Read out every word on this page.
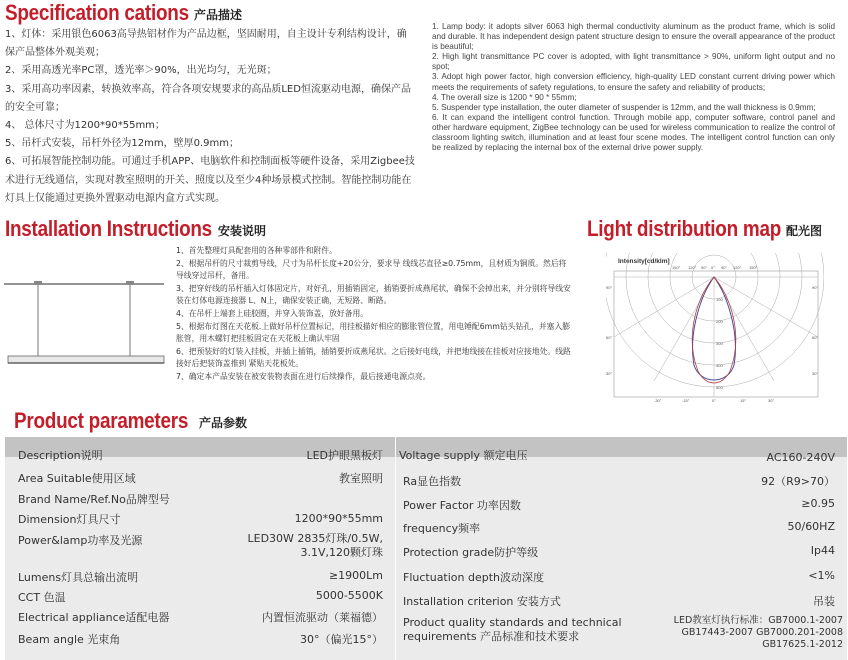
Specification cations 产品描述
1、灯体：采用银色6063高导热铝材作为产品边框，坚固耐用，自主设计专利结构设计，确保产品整体外观美观；
2、采用高透光率PC罩，透光率＞90%，出光均匀，无光斑；
3、采用高功率因素，转换效率高，符合各项安规要求的高品质LED恒流驱动电源，确保产品的安全可靠；
4、 总体尺寸为1200*90*55mm；
5、吊杆式安装，吊杆外径为12mm，壁厚0.9mm；
6、可拓展智能控制功能。可通过手机APP、电脑软件和控制面板等硬件设备，采用Zigbee技术进行无线通信，实现对教室照明的开关、照度以及至少4种场景模式控制。智能控制功能在灯具上仅能通过更换外置驱动电源内盒方式实现。
1. Lamp body: it adopts silver 6063 high thermal conductivity aluminum as the product frame, which is solid and durable. It has independent design patent structure design to ensure the overall appearance of the product is beautiful;
2. High light transmittance PC cover is adopted, with light transmittance > 90%, uniform light output and no spot;
3. Adopt high power factor, high conversion efficiency, high-quality LED constant current driving power which meets the requirements of safety regulations, to ensure the safety and reliability of products;
4. The overall size is 1200 * 90 * 55mm;
5. Suspender type installation, the outer diameter of suspender is 12mm, and the wall thickness is 0.9mm;
6. It can expand the intelligent control function. Through mobile app, computer software, control panel and other hardware equipment, ZigBee technology can be used for wireless communication to realize the control of classroom lighting switch, illumination and at least four scene modes. The intelligent control function can only be realized by replacing the internal box of the external drive power supply.
Installation Instructions 安装说明
1、首先整理灯具配套用的各种零部件和附件。
2、根据吊杆的尺寸裁剪导线，尺寸为吊杆长度+20公分，要求导 线线芯直径≥0.75mm，且材质为铜质。然后将导线穿过吊杆，备用。
3、把穿好线的吊杆插入灯体固定片，对好孔，用插销固定，插销要折成燕尾状，确保不会掉出来，并分别将导线安装在灯体电源连接器 L、N上，确保安装正确，无短路、断路。
4、在吊杆上端套上硅胶圈，并穿入装饰盖，放好备用。
5、根据布灯图在天花板.上做好吊杆位置标记，用挂板描好相应的膨胀管位置，用电锤配6mm钻头钻孔，并塞入膨胀管，用木螺钉把挂板固定在天花板上确认牢固
6、把预装好的灯装入挂板，并插上插销，插销要折成燕尾状。之后接好电线，并把地线接在挂板对应接地处。线路接好后把装饰盖推到 紧贴天花板处。
7、确定本产品安装在被安装物表面在进行后续操作，最后接通电源点亮。
Light distribution map 配光图
Intensity[cd/klm]
150° 120° 90° 0° 90° 120° 150°
90°
60°
30°
90°
60°
30°
100
200
300
400
500
-30°	-15°	0°	15°	30°
Product parameters 产品参数
Description说明	LED护眼黑板灯
Area Suitable使用区域	教室照明
Brand Name/Ref.No品牌型号
Dimension灯具尺寸	1200*90*55mm
Power&lamp功率及光源	LED30W 2835灯珠/0.5W, 3.1V,120颗灯珠
Lumens灯具总输出流明	≥1900Lm
CCT 色温	5000-5500K
Electrical appliance适配电器	内置恒流驱动（莱福德）
Beam angle 光束角	30°（偏光15°）
Voltage supply 额定电压	AC160-240V
Ra显色指数	92（R9>70）
Power Factor 功率因数	≥0.95
frequency频率	50/60HZ
Protection grade防护等级	Ip44
Fluctuation depth波动深度	<1%
Installation criterion 安装方式	吊装
Product quality standards and technical requirements 产品标准和技术要求
LED教室灯执行标准：GB7000.1-2007 GB17443-2007 GB7000.201-2008 GB17625.1-2012
